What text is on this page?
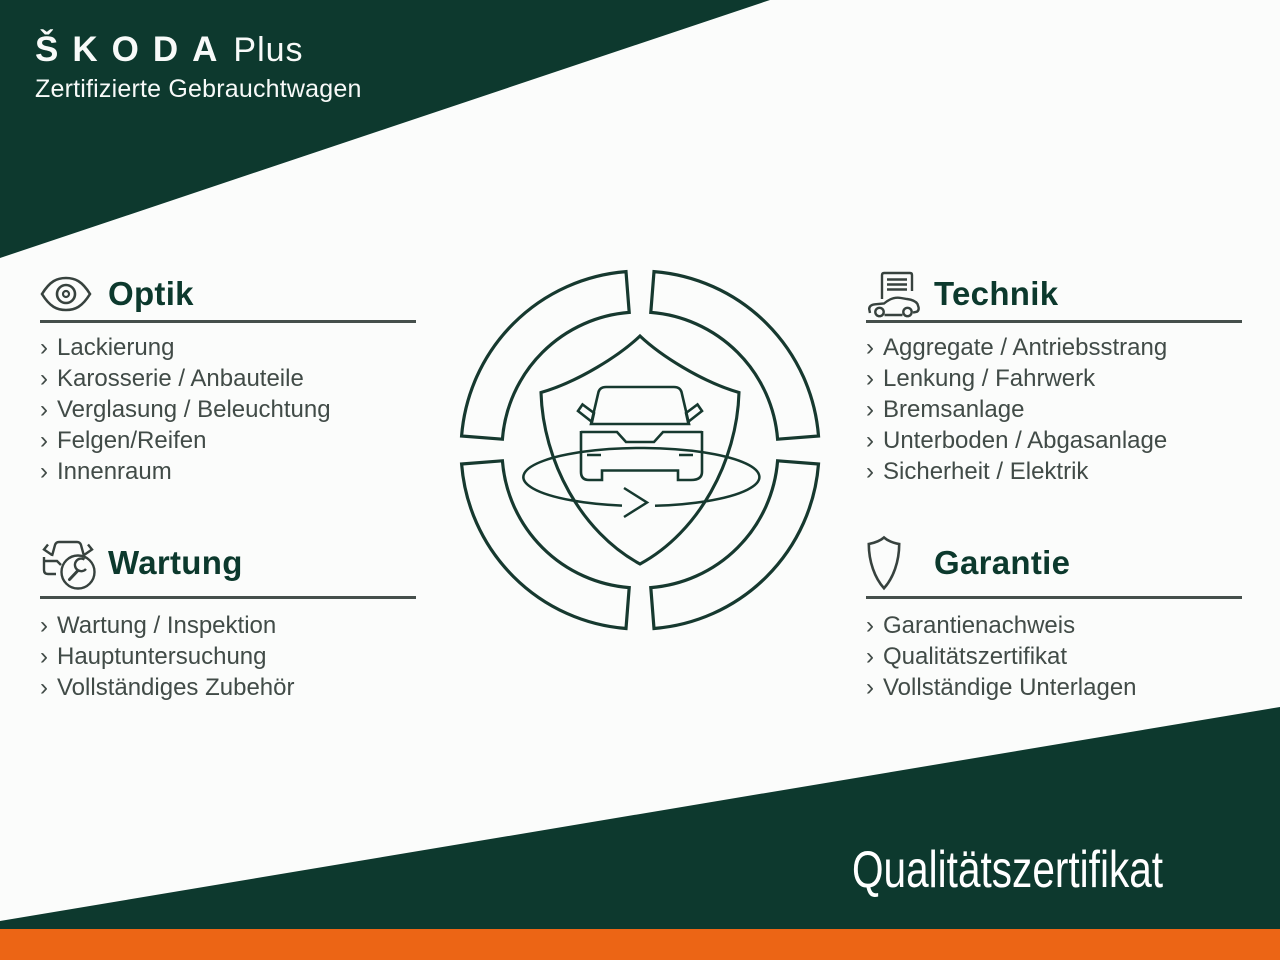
ŠKODA Plus
Zertifizierte Gebrauchtwagen
Qualitätszertifikat
Optik
› Lackierung
› Karosserie / Anbauteile
› Verglasung / Beleuchtung
› Felgen/Reifen
› Innenraum
Technik
› Aggregate / Antriebsstrang
› Lenkung / Fahrwerk
› Bremsanlage
› Unterboden / Abgasanlage
› Sicherheit / Elektrik
Wartung
› Wartung / Inspektion
› Hauptuntersuchung
› Vollständiges Zubehör
Garantie
› Garantienachweis
› Qualitätszertifikat
› Vollständige Unterlagen
